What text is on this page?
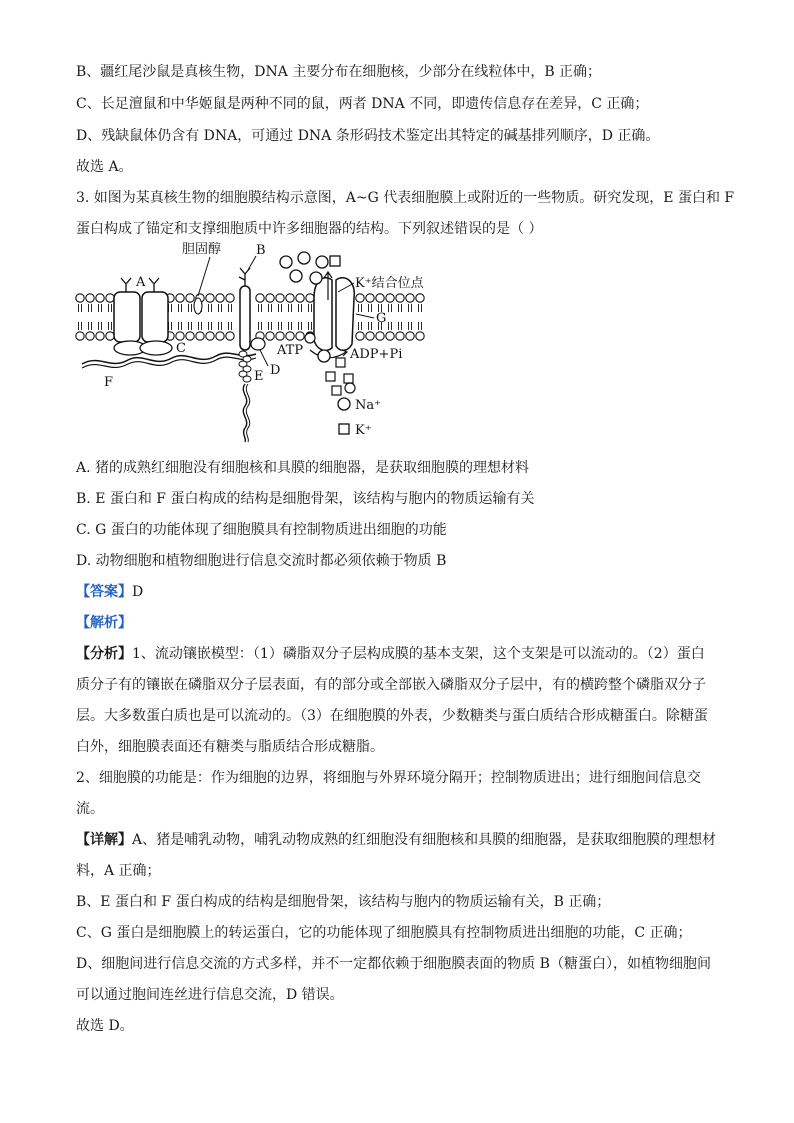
B、疆红尾沙鼠是真核生物，DNA 主要分布在细胞核，少部分在线粒体中，B 正确；
C、长足澶鼠和中华姬鼠是两种不同的鼠，两者 DNA 不同，即遗传信息存在差异，C 正确；
D、残缺鼠体仍含有 DNA，可通过 DNA 条形码技术鉴定出其特定的碱基排列顺序，D 正确。
故选 A。
3. 如图为某真核生物的细胞膜结构示意图，A~G 代表细胞膜上或附近的一些物质。研究发现，E 蛋白和 F
蛋白构成了锚定和支撑细胞质中许多细胞器的结构。下列叙述错误的是（ ）
A
胆固醇
C
F
B
D
E
K⁺结合位点
G
ATP	ADP+Pi
Na⁺
K⁺
A. 猪的成熟红细胞没有细胞核和具膜的细胞器，是获取细胞膜的理想材料
B. E 蛋白和 F 蛋白构成的结构是细胞骨架，该结构与胞内的物质运输有关
C. G 蛋白的功能体现了细胞膜具有控制物质进出细胞的功能
D. 动物细胞和植物细胞进行信息交流时都必须依赖于物质 B
【答案】D
【解析】
【分析】1、流动镶嵌模型：（1）磷脂双分子层构成膜的基本支架，这个支架是可以流动的。（2）蛋白
质分子有的镶嵌在磷脂双分子层表面，有的部分或全部嵌入磷脂双分子层中，有的横跨整个磷脂双分子
层。大多数蛋白质也是可以流动的。（3）在细胞膜的外表，少数糖类与蛋白质结合形成糖蛋白。除糖蛋
白外，细胞膜表面还有糖类与脂质结合形成糖脂。
2、细胞膜的功能是：作为细胞的边界，将细胞与外界环境分隔开；控制物质进出；进行细胞间信息交
流。
【详解】A、猪是哺乳动物，哺乳动物成熟的红细胞没有细胞核和具膜的细胞器，是获取细胞膜的理想材
料，A 正确；
B、E 蛋白和 F 蛋白构成的结构是细胞骨架，该结构与胞内的物质运输有关，B 正确；
C、G 蛋白是细胞膜上的转运蛋白，它的功能体现了细胞膜具有控制物质进出细胞的功能，C 正确；
D、细胞间进行信息交流的方式多样，并不一定都依赖于细胞膜表面的物质 B（糖蛋白），如植物细胞间
可以通过胞间连丝进行信息交流，D 错误。
故选 D。
